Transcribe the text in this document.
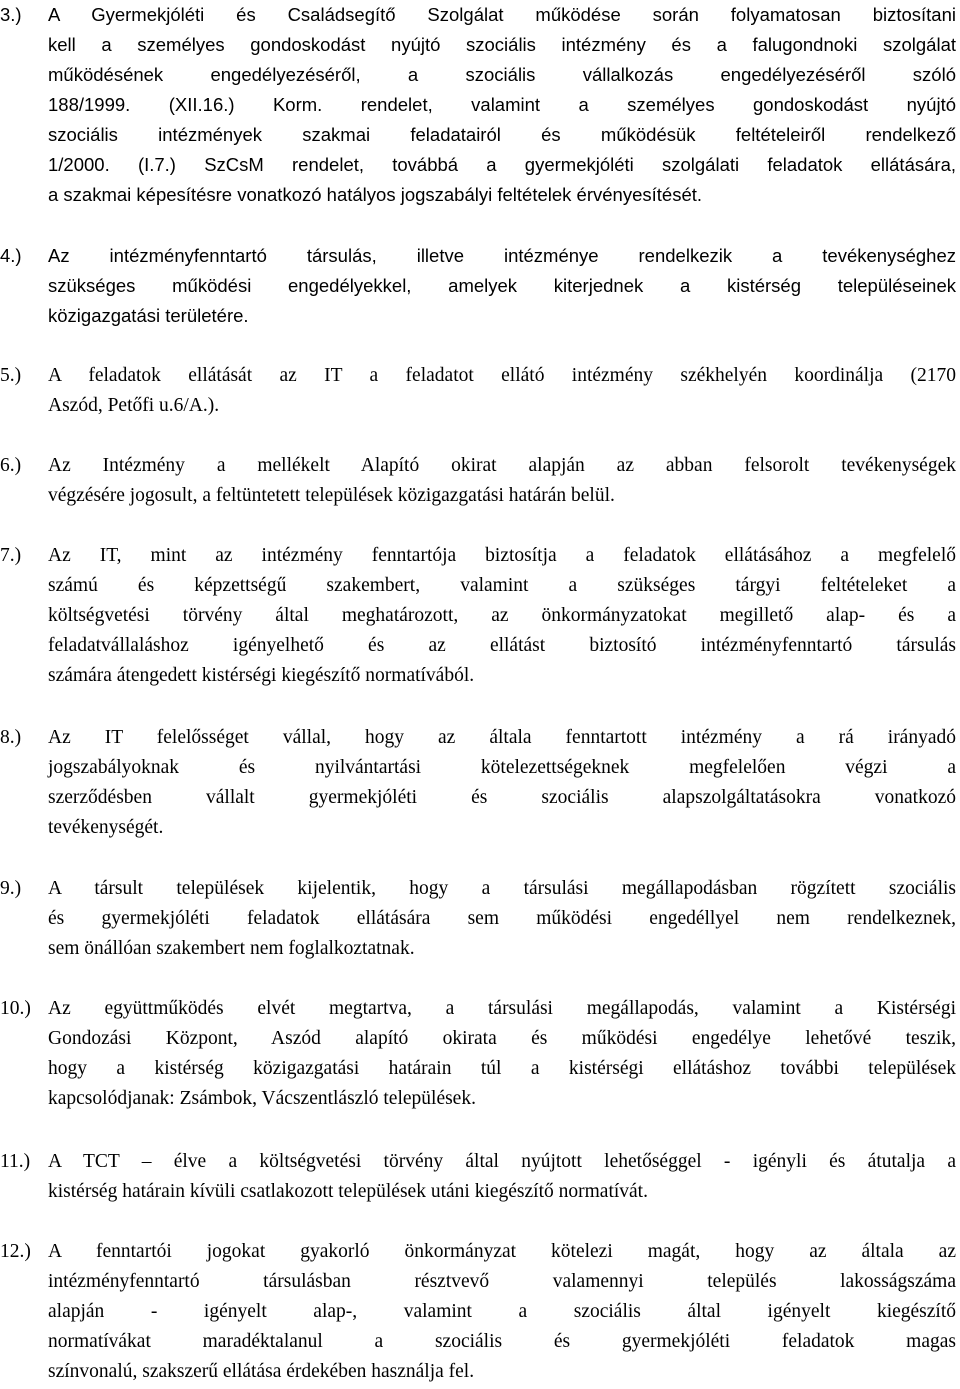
3.) A Gyermekjóléti és Családsegítő Szolgálat működése során folyamatosan biztosítani
kell a személyes gondoskodást nyújtó szociális intézmény és a falugondnoki szolgálat
működésének engedélyezéséről, a szociális vállalkozás engedélyezéséről szóló
188/1999. (XII.16.) Korm. rendelet, valamint a személyes gondoskodást nyújtó
szociális intézmények szakmai feladatairól és működésük feltételeiről rendelkező
1/2000. (I.7.) SzCsM rendelet, továbbá a gyermekjóléti szolgálati feladatok ellátására,
a szakmai képesítésre vonatkozó hatályos jogszabályi feltételek érvényesítését.
4.) Az intézményfenntartó társulás, illetve intézménye rendelkezik a tevékenységhez
szükséges működési engedélyekkel, amelyek kiterjednek a kistérség településeinek
közigazgatási területére.
5.) A feladatok ellátását az IT a feladatot ellátó intézmény székhelyén koordinálja (2170
Aszód, Petőfi u.6/A.).
6.) Az Intézmény a mellékelt Alapító okirat alapján az abban felsorolt tevékenységek
végzésére jogosult, a feltüntetett települések közigazgatási határán belül.
7.) Az IT, mint az intézmény fenntartója biztosítja a feladatok ellátásához a megfelelő
számú és képzettségű szakembert, valamint a szükséges tárgyi feltételeket a
költségvetési törvény által meghatározott, az önkormányzatokat megillető alap- és a
feladatvállaláshoz igényelhető és az ellátást biztosító intézményfenntartó társulás
számára átengedett kistérségi kiegészítő normatívából.
8.) Az IT felelősséget vállal, hogy az általa fenntartott intézmény a rá irányadó
jogszabályoknak és nyilvántartási kötelezettségeknek megfelelően végzi a
szerződésben vállalt gyermekjóléti és szociális alapszolgáltatásokra vonatkozó
tevékenységét.
9.) A társult települések kijelentik, hogy a társulási megállapodásban rögzített szociális
és gyermekjóléti feladatok ellátására sem működési engedéllyel nem rendelkeznek,
sem önállóan szakembert nem foglalkoztatnak.
10.) Az együttműködés elvét megtartva, a társulási megállapodás, valamint a Kistérségi
Gondozási Központ, Aszód alapító okirata és működési engedélye lehetővé teszik,
hogy a kistérség közigazgatási határain túl a kistérségi ellátáshoz további települések
kapcsolódjanak: Zsámbok, Vácszentlászló települések.
11.) A TCT – élve a költségvetési törvény által nyújtott lehetőséggel - igényli és átutalja a
kistérség határain kívüli csatlakozott települések utáni kiegészítő normatívát.
12.) A fenntartói jogokat gyakorló önkormányzat kötelezi magát, hogy az általa az
intézményfenntartó társulásban résztvevő valamennyi település lakosságszáma
alapján - igényelt alap-, valamint a szociális által igényelt kiegészítő
normatívákat maradéktalanul a szociális és gyermekjóléti feladatok magas
színvonalú, szakszerű ellátása érdekében használja fel.
